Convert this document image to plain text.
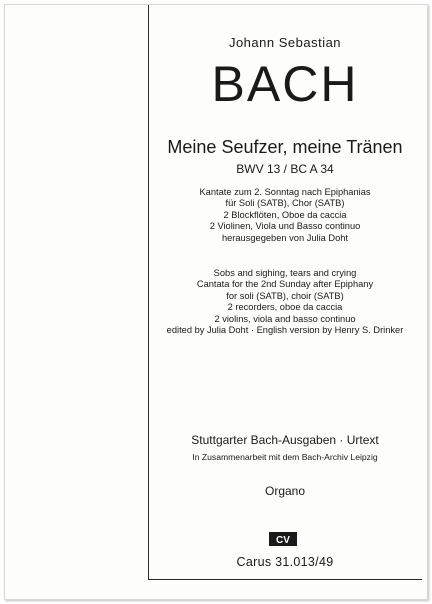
Johann Sebastian
BACH
Meine Seufzer, meine Tränen
BWV 13 / BC A 34
Kantate zum 2. Sonntag nach Epiphanias
für Soli (SATB), Chor (SATB)
2 Blockflöten, Oboe da caccia
2 Violinen, Viola und Basso continuo
herausgegeben von Julia Doht
Sobs and sighing, tears and crying
Cantata for the 2nd Sunday after Epiphany
for soli (SATB), choir (SATB)
2 recorders, oboe da caccia
2 violins, viola and basso continuo
edited by Julia Doht · English version by Henry S. Drinker
Stuttgarter Bach-Ausgaben · Urtext
In Zusammenarbeit mit dem Bach-Archiv Leipzig
Organo
CV
Carus 31.013/49
